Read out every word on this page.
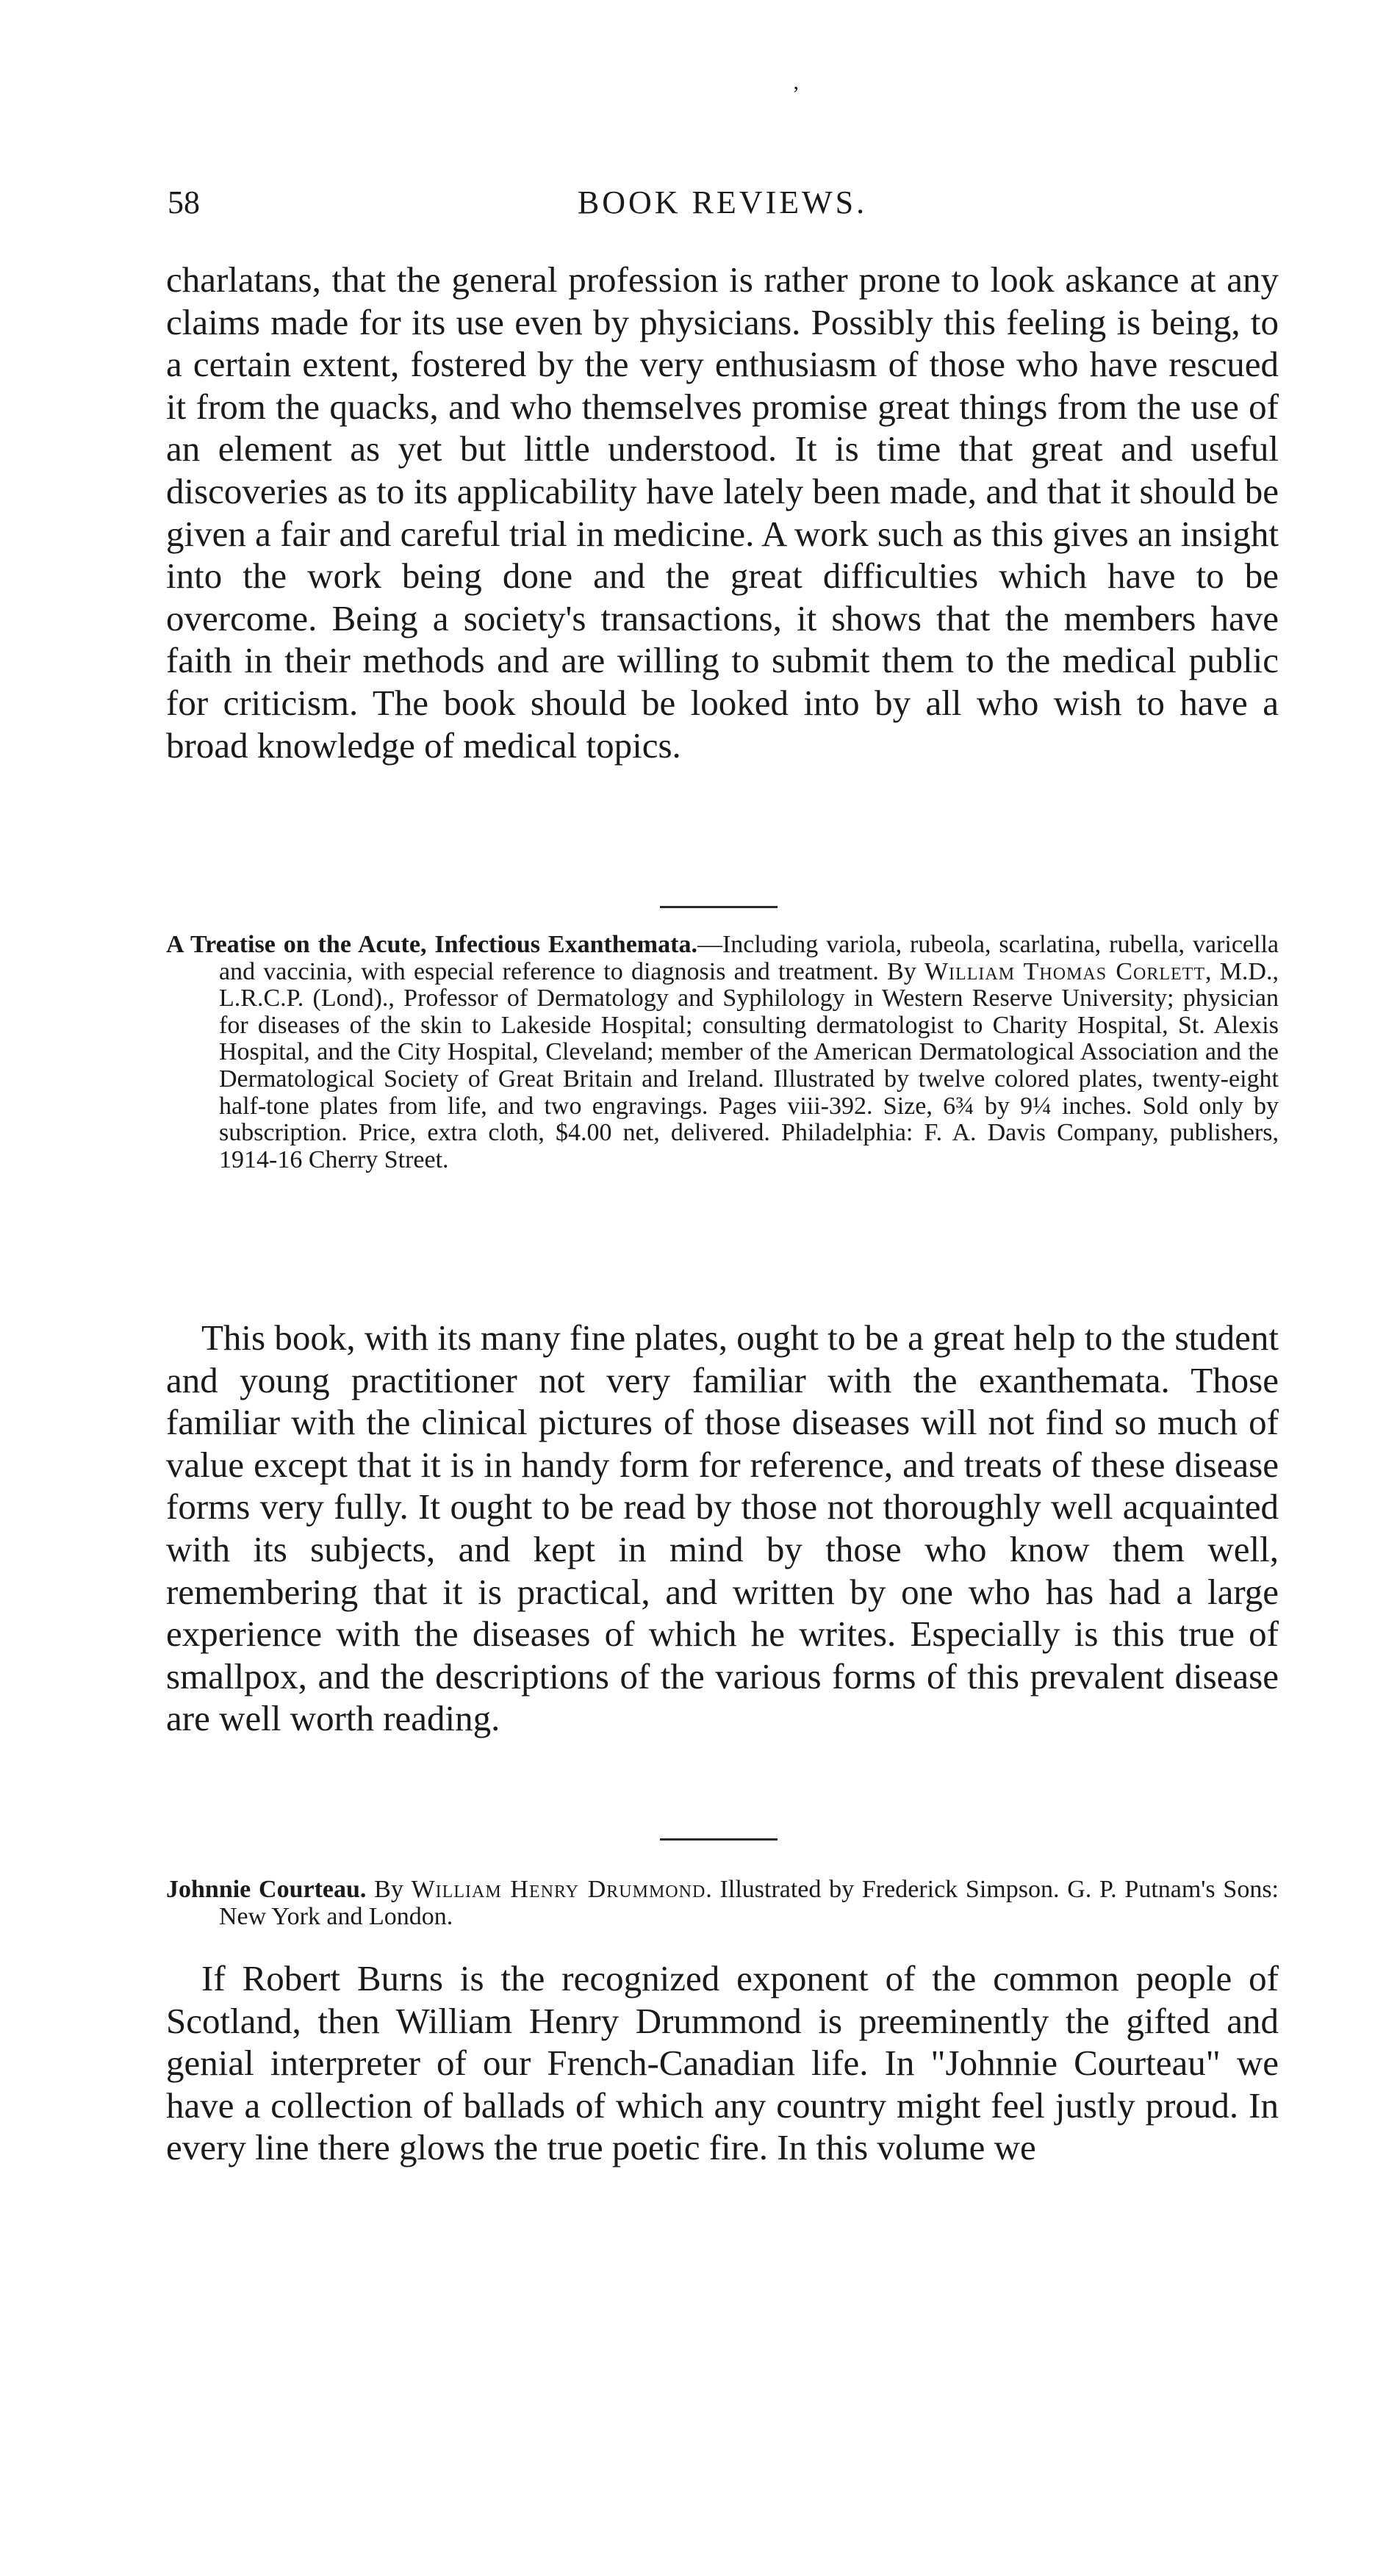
58	BOOK REVIEWS.
ʼ

charlatans, that the general profession is rather prone to look askance at any claims made for its use even by physicians. Possibly this feeling is being, to a certain extent, fostered by the very enthusiasm of those who have rescued it from the quacks, and who themselves promise great things from the use of an element as yet but little understood. It is time that great and useful discoveries as to its applicability have lately been made, and that it should be given a fair and careful trial in medicine. A work such as this gives an insight into the work being done and the great difficulties which have to be overcome. Being a society's transactions, it shows that the members have faith in their methods and are willing to submit them to the medical public for criticism. The book should be looked into by all who wish to have a broad knowledge of medical topics.

A Treatise on the Acute, Infectious Exanthemata.—Including variola, rubeola, scarlatina, rubella, varicella and vaccinia, with especial reference to diagnosis and treatment. By William Thomas Corlett, M.D., L.R.C.P. (Lond)., Professor of Dermatology and Syphilology in Western Reserve University; physician for diseases of the skin to Lakeside Hospital; consulting dermatologist to Charity Hospital, St. Alexis Hospital, and the City Hospital, Cleveland; member of the American Dermatological Association and the Dermatological Society of Great Britain and Ireland. Illustrated by twelve colored plates, twenty-eight half-tone plates from life, and two engravings. Pages viii-392. Size, 6¾ by 9¼ inches. Sold only by subscription. Price, extra cloth, $4.00 net, delivered. Philadelphia: F. A. Davis Company, publishers, 1914-16 Cherry Street.

This book, with its many fine plates, ought to be a great help to the student and young practitioner not very familiar with the exanthemata. Those familiar with the clinical pictures of those diseases will not find so much of value except that it is in handy form for reference, and treats of these disease forms very fully. It ought to be read by those not thoroughly well acquainted with its subjects, and kept in mind by those who know them well, remembering that it is practical, and written by one who has had a large experience with the diseases of which he writes. Especially is this true of smallpox, and the descriptions of the various forms of this prevalent disease are well worth reading.

Johnnie Courteau. By William Henry Drummond. Illustrated by Frederick Simpson. G. P. Putnam's Sons: New York and London.

If Robert Burns is the recognized exponent of the common people of Scotland, then William Henry Drummond is preeminently the gifted and genial interpreter of our French-Canadian life. In "Johnnie Courteau" we have a collection of ballads of which any country might feel justly proud. In every line there glows the true poetic fire. In this volume we
